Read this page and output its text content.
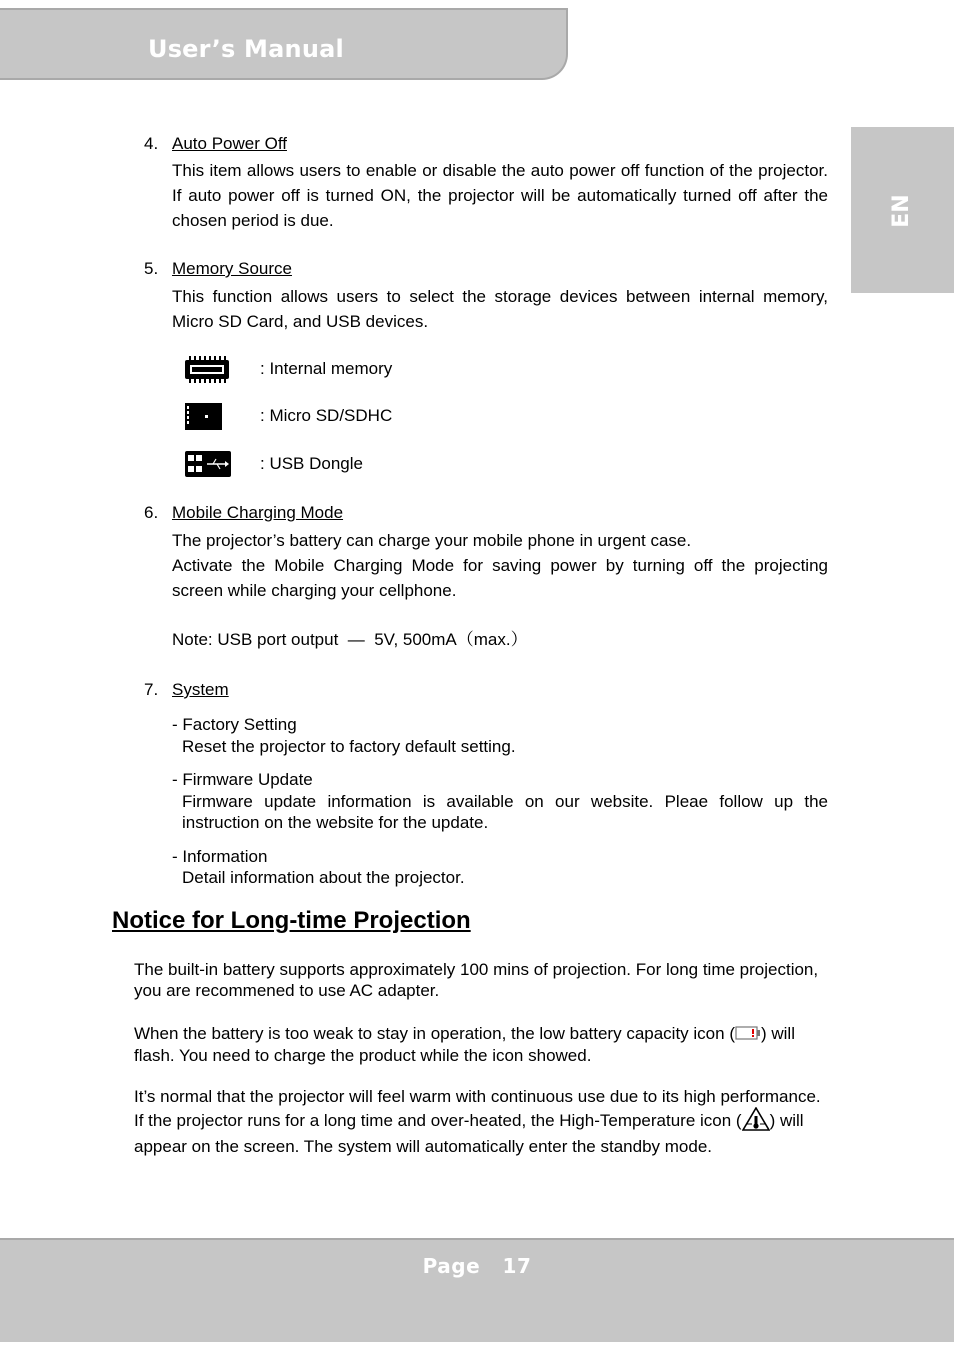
User’s Manual
EN
4. Auto Power Off

This item allows users to enable or disable the auto power off function of the projector. If auto power off is turned ON, the projector will be automatically turned off after the chosen period is due.

5. Memory Source

This function allows users to select the storage devices between internal memory, Micro SD Card, and USB devices.

: Internal memory
: Micro SD/SDHC
: USB Dongle
6. Mobile Charging Mode

The projector’s battery can charge your mobile phone in urgent case.

Activate the Mobile Charging Mode for saving power by turning off the projecting screen while charging your cellphone.

Note: USB port output  —  5V, 500mA（max.）

7. System

- Factory Setting

Reset the projector to factory default setting.

- Firmware Update

Firmware update information is available on our website. Pleae follow up the instruction on the website for the update.

- Information

Detail information about the projector.

Notice for Long-time Projection

The built-in battery supports approximately 100 mins of projection. For long time projection, you are recommened to use AC adapter.

When the battery is too weak to stay in operation, the low battery capacity icon ( ) will flash. You need to charge the product while the icon showed.

It’s normal that the projector will feel warm with continuous use due to its high performance. If the projector runs for a long time and over-heated, the High-Temperature icon ( ) will appear on the screen. The system will automatically enter the standby mode.

Page   17
